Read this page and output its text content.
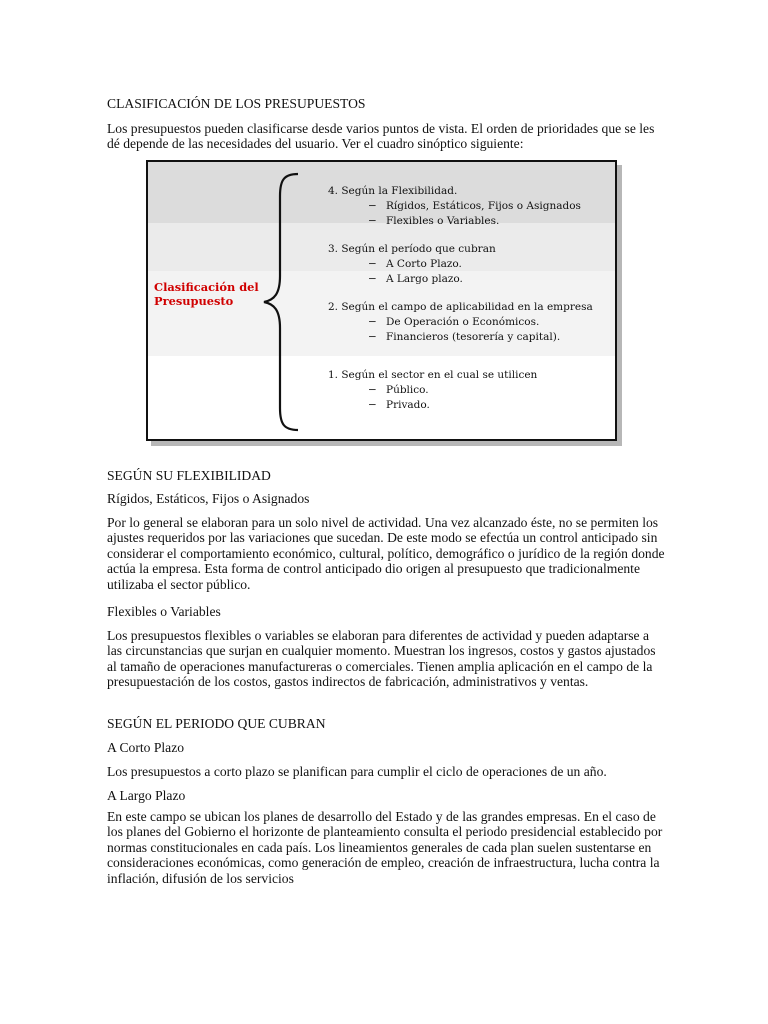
CLASIFICACIÓN DE LOS PRESUPUESTOS
Los presupuestos pueden clasificarse desde varios puntos de vista. El orden de prioridades que se les dé depende de las necesidades del usuario. Ver el cuadro sinóptico siguiente:
Clasificación del Presupuesto
4. Según la Flexibilidad.
− Rígidos, Estáticos, Fijos o Asignados
− Flexibles o Variables.
3. Según el período que cubran
− A Corto Plazo.
− A Largo plazo.
2. Según el campo de aplicabilidad en la empresa
− De Operación o Económicos.
− Financieros (tesorería y capital).
1. Según el sector en el cual se utilicen
− Público.
− Privado.
SEGÚN SU FLEXIBILIDAD
Rígidos, Estáticos, Fijos o Asignados
Por lo general se elaboran para un solo nivel de actividad. Una vez alcanzado éste, no se permiten los ajustes requeridos por las variaciones que sucedan. De este modo se efectúa un control anticipado sin considerar el comportamiento económico, cultural, político, demográfico o jurídico de la región donde actúa la empresa. Esta forma de control anticipado dio origen al presupuesto que tradicionalmente utilizaba el sector público.
Flexibles o Variables
Los presupuestos flexibles o variables se elaboran para diferentes de actividad y pueden adaptarse a las circunstancias que surjan en cualquier momento. Muestran los ingresos, costos y gastos ajustados al tamaño de operaciones manufactureras o comerciales. Tienen amplia aplicación en el campo de la presupuestación de los costos, gastos indirectos de fabricación, administrativos y ventas.
SEGÚN EL PERIODO QUE CUBRAN
A Corto Plazo
Los presupuestos a corto plazo se planifican para cumplir el ciclo de operaciones de un año.
A Largo Plazo
En este campo se ubican los planes de desarrollo del Estado y de las grandes empresas. En el caso de los planes del Gobierno el horizonte de planteamiento consulta el periodo presidencial establecido por normas constitucionales en cada país. Los lineamientos generales de cada plan suelen sustentarse en consideraciones económicas, como generación de empleo, creación de infraestructura, lucha contra la inflación, difusión de los servicios
